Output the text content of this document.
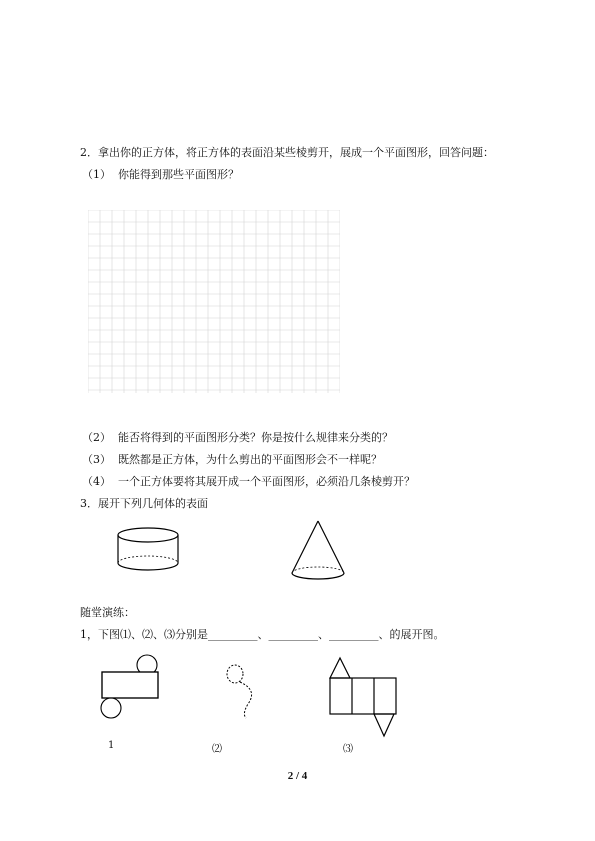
2．拿出你的正方体，将正方体的表面沿某些棱剪开，展成一个平面图形，回答问题：
（1） 你能得到那些平面图形？
（2） 能否将得到的平面图形分类？你是按什么规律来分类的？
（3） 既然都是正方体，为什么剪出的平面图形会不一样呢？
（4） 一个正方体要将其展开成一个平面图形，必须沿几条棱剪开？
3．展开下列几何体的表面
随堂演练：
1，下图⑴、⑵、⑶分别是_________、_________、_________、的展开图。
1	⑵	⑶
2 / 4
